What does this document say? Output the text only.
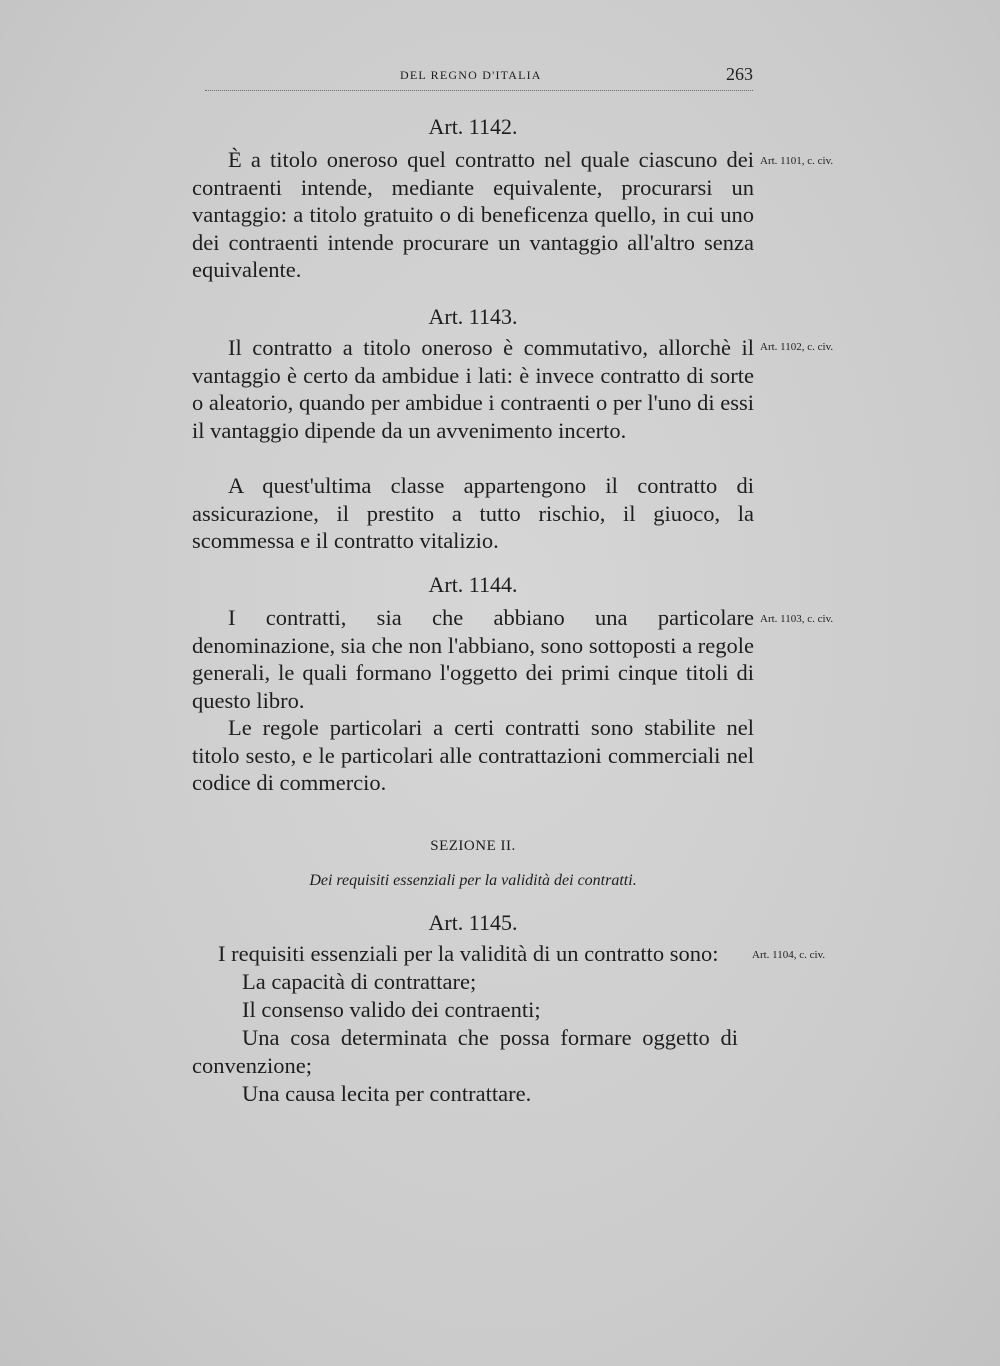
DEL REGNO D'ITALIA	263
Art. 1142.
È a titolo oneroso quel contratto nel quale ciascuno dei contraenti intende, mediante equivalente, procurarsi un vantaggio: a titolo gratuito o di beneficenza quello, in cui uno dei contraenti intende procurare un vantaggio all'altro senza equivalente.
Art. 1101, c. civ.
Art. 1143.
Il contratto a titolo oneroso è commutativo, allorchè il vantaggio è certo da ambidue i lati: è invece contratto di sorte o aleatorio, quando per ambidue i contraenti o per l'uno di essi il vantaggio dipende da un avvenimento incerto.
Art. 1102, c. civ.
A quest'ultima classe appartengono il contratto di assicurazione, il prestito a tutto rischio, il giuoco, la scommessa e il contratto vitalizio.
Art. 1144.
I contratti, sia che abbiano una particolare denominazione, sia che non l'abbiano, sono sottoposti a regole generali, le quali formano l'oggetto dei primi cinque titoli di questo libro.
Art. 1103, c. civ.
Le regole particolari a certi contratti sono stabilite nel titolo sesto, e le particolari alle contrattazioni commerciali nel codice di commercio.
SEZIONE II.
Dei requisiti essenziali per la validità dei contratti.
Art. 1145.
I requisiti essenziali per la validità di un contratto sono:	Art. 1104, c. civ.
La capacità di contrattare;
Il consenso valido dei contraenti;
Una cosa determinata che possa formare oggetto di convenzione;
Una causa lecita per contrattare.
